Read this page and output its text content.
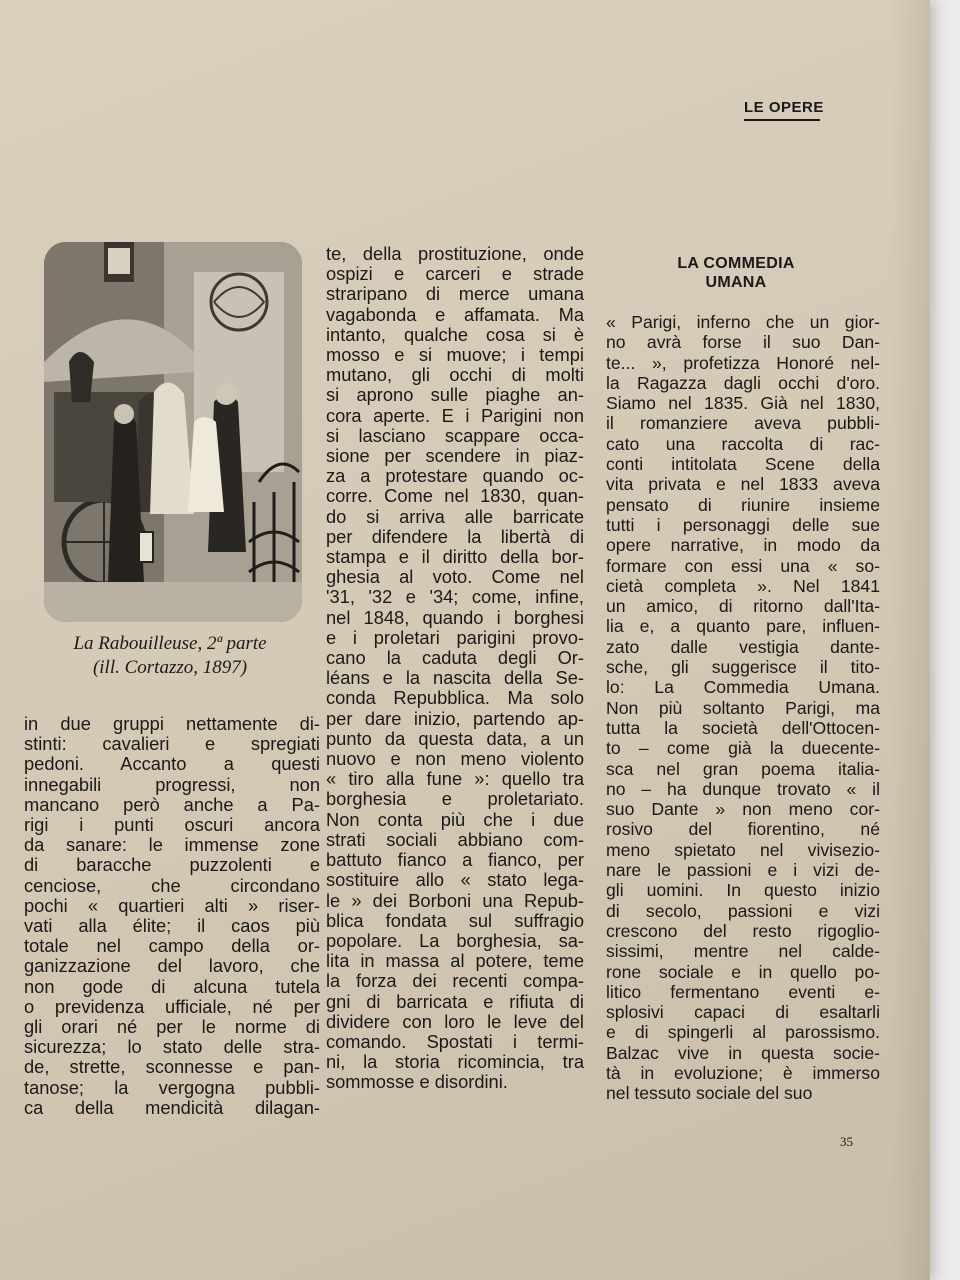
LE OPERE
La Rabouilleuse, 2ª parte
(ill. Cortazzo, 1897)
in due gruppi nettamente di-
stinti: cavalieri e spregiati
pedoni. Accanto a questi
innegabili progressi, non
mancano però anche a Pa-
rigi i punti oscuri ancora
da sanare: le immense zone
di baracche puzzolenti e
cenciose, che circondano
pochi « quartieri alti » riser-
vati alla élite; il caos più
totale nel campo della or-
ganizzazione del lavoro, che
non gode di alcuna tutela
o previdenza ufficiale, né per
gli orari né per le norme di
sicurezza; lo stato delle stra-
de, strette, sconnesse e pan-
tanose; la vergogna pubbli-
ca della mendicità dilagan-
te, della prostituzione, onde
ospizi e carceri e strade
straripano di merce umana
vagabonda e affamata. Ma
intanto, qualche cosa si è
mosso e si muove; i tempi
mutano, gli occhi di molti
si aprono sulle piaghe an-
cora aperte. E i Parigini non
si lasciano scappare occa-
sione per scendere in piaz-
za a protestare quando oc-
corre. Come nel 1830, quan-
do si arriva alle barricate
per difendere la libertà di
stampa e il diritto della bor-
ghesia al voto. Come nel
'31, '32 e '34; come, infine,
nel 1848, quando i borghesi
e i proletari parigini provo-
cano la caduta degli Or-
léans e la nascita della Se-
conda Repubblica. Ma solo
per dare inizio, partendo ap-
punto da questa data, a un
nuovo e non meno violento
« tiro alla fune »: quello tra
borghesia e proletariato.
Non conta più che i due
strati sociali abbiano com-
battuto fianco a fianco, per
sostituire allo « stato lega-
le » dei Borboni una Repub-
blica fondata sul suffragio
popolare. La borghesia, sa-
lita in massa al potere, teme
la forza dei recenti compa-
gni di barricata e rifiuta di
dividere con loro le leve del
comando. Spostati i termi-
ni, la storia ricomincia, tra
sommosse e disordini.
LA COMMEDIA
UMANA
« Parigi, inferno che un gior-
no avrà forse il suo Dan-
te... », profetizza Honoré nel-
la Ragazza dagli occhi d'oro.
Siamo nel 1835. Già nel 1830,
il romanziere aveva pubbli-
cato una raccolta di rac-
conti intitolata Scene della
vita privata e nel 1833 aveva
pensato di riunire insieme
tutti i personaggi delle sue
opere narrative, in modo da
formare con essi una « so-
cietà completa ». Nel 1841
un amico, di ritorno dall'Ita-
lia e, a quanto pare, influen-
zato dalle vestigia dante-
sche, gli suggerisce il tito-
lo: La Commedia Umana.
Non più soltanto Parigi, ma
tutta la società dell'Ottocen-
to – come già la duecente-
sca nel gran poema italia-
no – ha dunque trovato « il
suo Dante » non meno cor-
rosivo del fiorentino, né
meno spietato nel vivisezio-
nare le passioni e i vizi de-
gli uomini. In questo inizio
di secolo, passioni e vizi
crescono del resto rigoglio-
sissimi, mentre nel calde-
rone sociale e in quello po-
litico fermentano eventi e-
splosivi capaci di esaltarli
e di spingerli al parossismo.
Balzac vive in questa socie-
tà in evoluzione; è immerso
nel tessuto sociale del suo
35
